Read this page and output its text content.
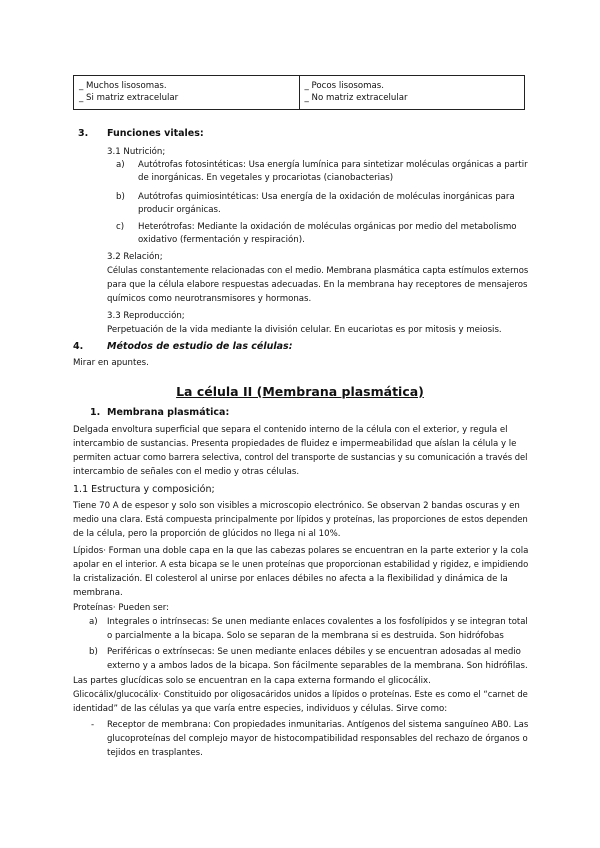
_ Muchos lisosomas.
_ Si matriz extracelular

_ Pocos lisosomas.
_ No matriz extracelular
3. Funciones vitales:
3.1 Nutrición;
a) Autótrofas fotosintéticas: Usa energía lumínica para sintetizar moléculas orgánicas a partir
de inorgánicas. En vegetales y procariotas (cianobacterias)
b) Autótrofas quimiosintéticas: Usa energía de la oxidación de moléculas inorgánicas para
producir orgánicas.
c) Heterótrofas: Mediante la oxidación de moléculas orgánicas por medio del metabolismo
oxidativo (fermentación y respiración).
3.2 Relación;
Células constantemente relacionadas con el medio. Membrana plasmática capta estímulos externos
para que la célula elabore respuestas adecuadas. En la membrana hay receptores de mensajeros
químicos como neurotransmisores y hormonas.
3.3 Reproducción;
Perpetuación de la vida mediante la división celular. En eucariotas es por mitosis y meiosis.
4.	Métodos de estudio de las células:
Mirar en apuntes.
La célula II (Membrana plasmática)
1. Membrana plasmática:
Delgada envoltura superficial que separa el contenido interno de la célula con el exterior, y regula el
intercambio de sustancias. Presenta propiedades de fluidez e impermeabilidad que aíslan la célula y le
permiten actuar como barrera selectiva, control del transporte de sustancias y su comunicación a través del
intercambio de señales con el medio y otras células.
1.1 Estructura y composición;
Tiene 70 A de espesor y solo son visibles a microscopio electrónico. Se observan 2 bandas oscuras y en
medio una clara. Está compuesta principalmente por lípidos y proteínas, las proporciones de estos dependen
de la célula, pero la proporción de glúcidos no llega ni al 10%.
Lípidos· Forman una doble capa en la que las cabezas polares se encuentran en la parte exterior y la cola
apolar en el interior. A esta bicapa se le unen proteínas que proporcionan estabilidad y rigidez, e impidiendo
la cristalización. El colesterol al unirse por enlaces débiles no afecta a la flexibilidad y dinámica de la
membrana.
Proteínas· Pueden ser:
a) Integrales o intrínsecas: Se unen mediante enlaces covalentes a los fosfolípidos y se integran total
o parcialmente a la bicapa. Solo se separan de la membrana si es destruida. Son hidrófobas
b) Periféricas o extrínsecas: Se unen mediante enlaces débiles y se encuentran adosadas al medio
externo y a ambos lados de la bicapa. Son fácilmente separables de la membrana. Son hidrófilas.
Las partes glucídicas solo se encuentran en la capa externa formando el glicocálix.
Glicocálix/glucocálix· Constituido por oligosacáridos unidos a lípidos o proteínas. Este es como el “carnet de
identidad” de las células ya que varía entre especies, individuos y células. Sirve como:
- Receptor de membrana: Con propiedades inmunitarias. Antígenos del sistema sanguíneo AB0. Las
glucoproteínas del complejo mayor de histocompatibilidad responsables del rechazo de órganos o
tejidos en trasplantes.
